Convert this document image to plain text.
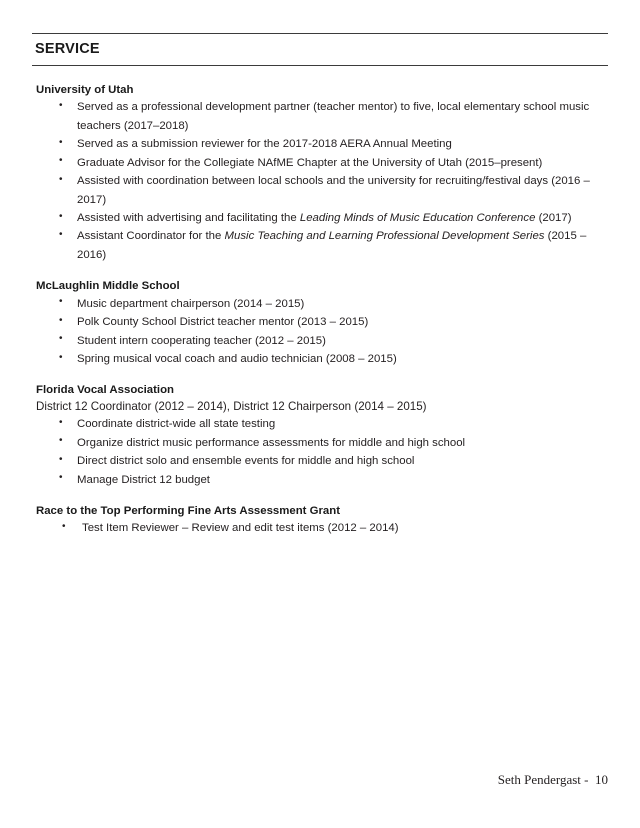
SERVICE
University of Utah
• Served as a professional development partner (teacher mentor) to five, local elementary school music teachers (2017–2018)
• Served as a submission reviewer for the 2017-2018 AERA Annual Meeting
• Graduate Advisor for the Collegiate NAfME Chapter at the University of Utah (2015–present)
• Assisted with coordination between local schools and the university for recruiting/festival days (2016 – 2017)
• Assisted with advertising and facilitating the Leading Minds of Music Education Conference (2017)
• Assistant Coordinator for the Music Teaching and Learning Professional Development Series (2015 – 2016)
McLaughlin Middle School
• Music department chairperson (2014 – 2015)
• Polk County School District teacher mentor (2013 – 2015)
• Student intern cooperating teacher (2012 – 2015)
• Spring musical vocal coach and audio technician (2008 – 2015)
Florida Vocal Association
District 12 Coordinator (2012 – 2014), District 12 Chairperson (2014 – 2015)
• Coordinate district-wide all state testing
• Organize district music performance assessments for middle and high school
• Direct district solo and ensemble events for middle and high school
• Manage District 12 budget
Race to the Top Performing Fine Arts Assessment Grant
• Test Item Reviewer – Review and edit test items (2012 – 2014)
Seth Pendergast -  10
